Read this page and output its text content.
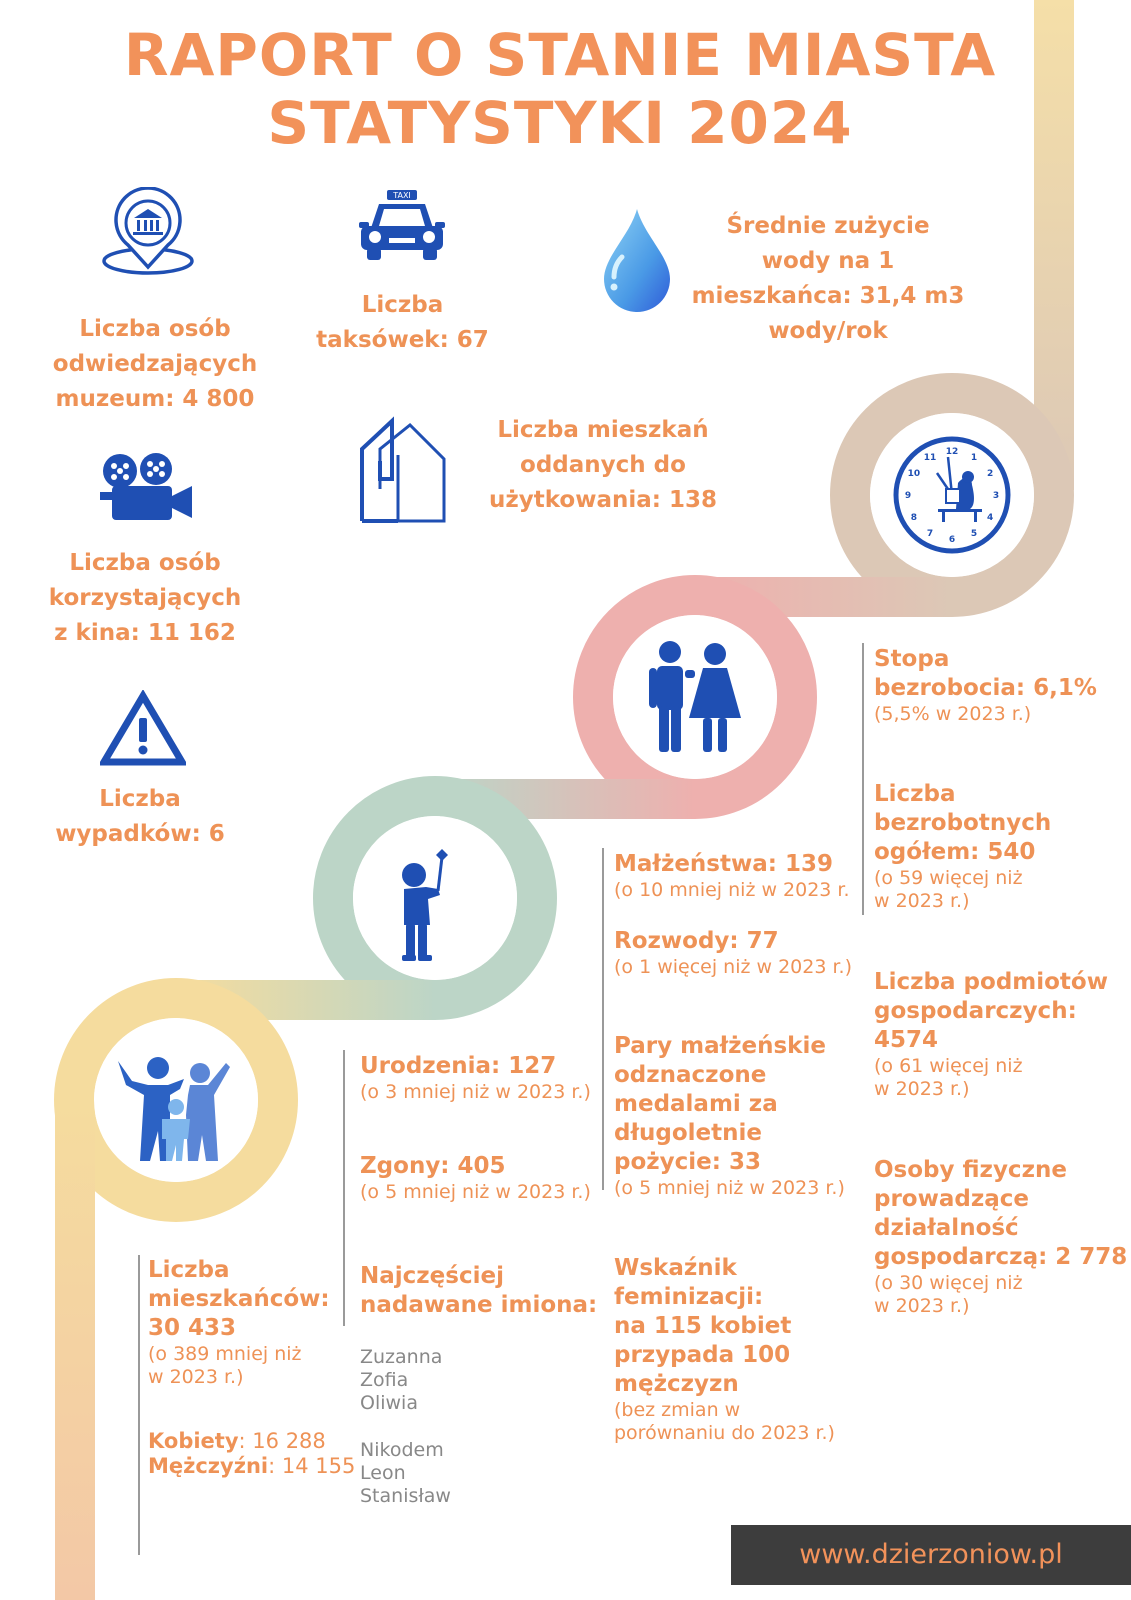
RAPORT O STANIE MIASTA
STATYSTYKI 2024
TAXI
12
1
2
3
4
5
6
7
8
9
10
11
Liczba osób
odwiedzających
muzeum: 4 800
Liczba
taksówek: 67
Średnie zużycie
wody na 1
mieszkańca: 31,4 m3
wody/rok
Liczba mieszkań
oddanych do
użytkowania: 138
Liczba osób
korzystających
z kina: 11 162
Liczba
wypadków: 6
Stopa
bezrobocia: 6,1%
(5,5% w 2023 r.)
Liczba
bezrobotnych
ogółem: 540
(o 59 więcej niż
w 2023 r.)
Liczba podmiotów
gospodarczych:
4574
(o 61 więcej niż
w 2023 r.)
Osoby fizyczne
prowadzące
działalność
gospodarczą: 2 778
(o 30 więcej niż
w 2023 r.)
Małżeństwa: 139
(o 10 mniej niż w 2023 r.
Rozwody: 77
(o 1 więcej niż w 2023 r.)
Pary małżeńskie
odznaczone
medalami za
długoletnie
pożycie: 33
(o 5 mniej niż w 2023 r.)
Wskaźnik
feminizacji:
na 115 kobiet
przypada 100
mężczyzn
(bez zmian w
porównaniu do 2023 r.)
Urodzenia: 127
(o 3 mniej niż w 2023 r.)
Zgony: 405
(o 5 mniej niż w 2023 r.)
Najczęściej
nadawane imiona:
Zuzanna
Zofia
Oliwia
Nikodem
Leon
Stanisław
Liczba
mieszkańców:
30 433
(o 389 mniej niż
w 2023 r.)
Kobiety: 16 288
Mężczyźni: 14 155
www.dzierzoniow.pl
